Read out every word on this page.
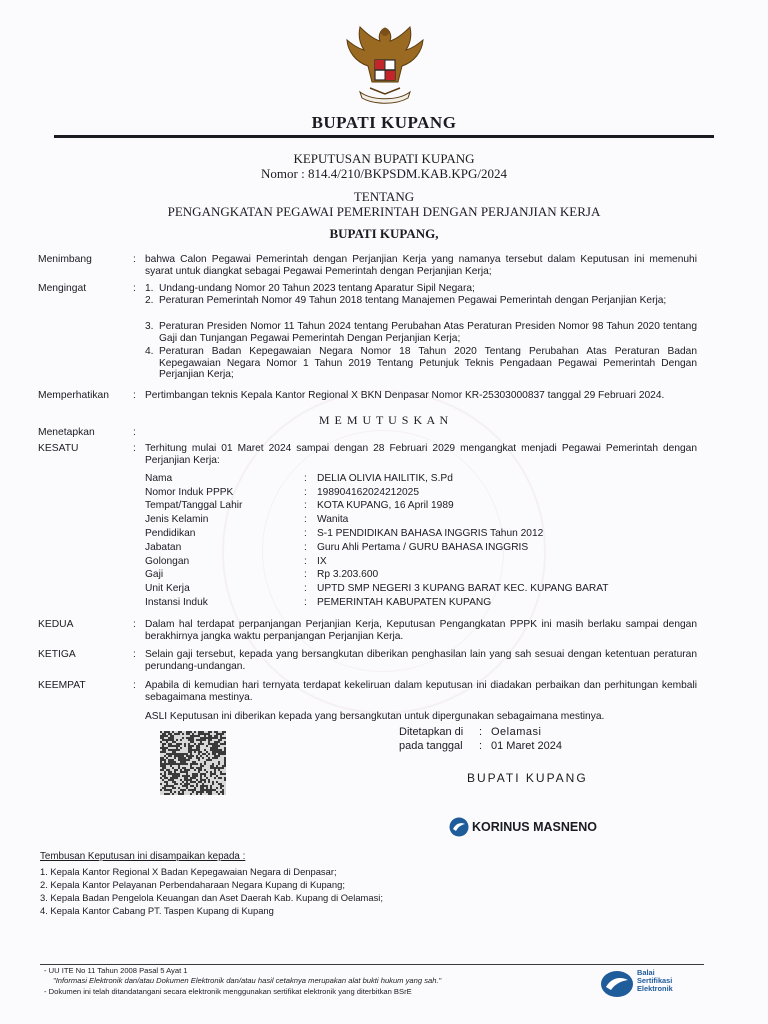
BUPATI KUPANG
KEPUTUSAN BUPATI KUPANG
Nomor : 814.4/210/BKPSDM.KAB.KPG/2024
TENTANG
PENGANGKATAN PEGAWAI PEMERINTAH DENGAN PERJANJIAN KERJA
BUPATI KUPANG,
Menimbang	: bahwa Calon Pegawai Pemerintah dengan Perjanjian Kerja yang namanya tersebut dalam Keputusan ini memenuhi syarat untuk diangkat sebagai Pegawai Pemerintah dengan Perjanjian Kerja;
Mengingat	: 1. Undang-undang Nomor 20 Tahun 2023 tentang Aparatur Sipil Negara;
2. Peraturan Pemerintah Nomor 49 Tahun 2018 tentang Manajemen Pegawai Pemerintah dengan Perjanjian Kerja;
3. Peraturan Presiden Nomor 11 Tahun 2024 tentang Perubahan Atas Peraturan Presiden Nomor 98 Tahun 2020 tentang Gaji dan Tunjangan Pegawai Pemerintah Dengan Perjanjian Kerja;
4. Peraturan Badan Kepegawaian Negara Nomor 18 Tahun 2020 Tentang Perubahan Atas Peraturan Badan Kepegawaian Negara Nomor 1 Tahun 2019 Tentang Petunjuk Teknis Pengadaan Pegawai Pemerintah Dengan Perjanjian Kerja;
Memperhatikan : Pertimbangan teknis Kepala Kantor Regional X BKN Denpasar Nomor KR-25303000837 tanggal 29 Februari 2024.
M E M U T U S K A N
Menetapkan	:
KESATU	: Terhitung mulai 01 Maret 2024 sampai dengan 28 Februari 2029 mengangkat menjadi Pegawai Pemerintah dengan Perjanjian Kerja:
Nama	: DELIA OLIVIA HAILITIK, S.Pd
Nomor Induk PPPK	: 198904162024212025
Tempat/Tanggal Lahir	: KOTA KUPANG, 16 April 1989
Jenis Kelamin	: Wanita
Pendidikan	: S-1 PENDIDIKAN BAHASA INGGRIS Tahun 2012
Jabatan	: Guru Ahli Pertama / GURU BAHASA INGGRIS
Golongan	: IX
Gaji	: Rp 3.203.600
Unit Kerja	: UPTD SMP NEGERI 3 KUPANG BARAT KEC. KUPANG BARAT
Instansi Induk	: PEMERINTAH KABUPATEN KUPANG
KEDUA	: Dalam hal terdapat perpanjangan Perjanjian Kerja, Keputusan Pengangkatan PPPK ini masih berlaku sampai dengan berakhirnya jangka waktu perpanjangan Perjanjian Kerja.
KETIGA	: Selain gaji tersebut, kepada yang bersangkutan diberikan penghasilan lain yang sah sesuai dengan ketentuan peraturan perundang-undangan.
KEEMPAT	: Apabila di kemudian hari ternyata terdapat kekeliruan dalam keputusan ini diadakan perbaikan dan perhitungan kembali sebagaimana mestinya.
ASLI Keputusan ini diberikan kepada yang bersangkutan untuk dipergunakan sebagaimana mestinya.
Ditetapkan di : Oelamasi
pada tanggal : 01 Maret 2024
BUPATI KUPANG
KORINUS MASNENO
Tembusan Keputusan ini disampaikan kepada :
1. Kepala Kantor Regional X Badan Kepegawaian Negara di Denpasar;
2. Kepala Kantor Pelayanan Perbendaharaan Negara Kupang di Kupang;
3. Kepala Badan Pengelola Keuangan dan Aset Daerah Kab. Kupang di Oelamasi;
4. Kepala Kantor Cabang PT. Taspen Kupang di Kupang
- UU ITE No 11 Tahun 2008 Pasal 5 Ayat 1
"Informasi Elektronik dan/atau Dokumen Elektronik dan/atau hasil cetaknya merupakan alat bukti hukum yang sah."
- Dokumen ini telah ditandatangani secara elektronik menggunakan sertifikat elektronik yang diterbitkan BSrE
Balai
Sertifikasi
Elektronik
